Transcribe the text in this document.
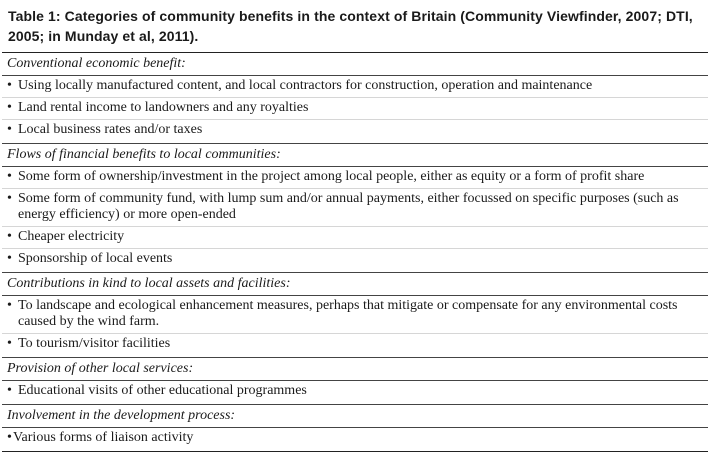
Table 1: Categories of community benefits in the context of Britain (Community Viewfinder, 2007; DTI, 2005; in Munday et al, 2011).
Conventional economic benefit:
• Using locally manufactured content, and local contractors for construction, operation and maintenance
• Land rental income to landowners and any royalties
• Local business rates and/or taxes
Flows of financial benefits to local communities:
• Some form of ownership/investment in the project among local people, either as equity or a form of profit share
• Some form of community fund, with lump sum and/or annual payments, either focussed on specific purposes (such as energy efficiency) or more open-ended
• Cheaper electricity
• Sponsorship of local events
Contributions in kind to local assets and facilities:
• To landscape and ecological enhancement measures, perhaps that mitigate or compensate for any environmental costs caused by the wind farm.
• To tourism/visitor facilities
Provision of other local services:
• Educational visits of other educational programmes
Involvement in the development process:
• Various forms of liaison activity
